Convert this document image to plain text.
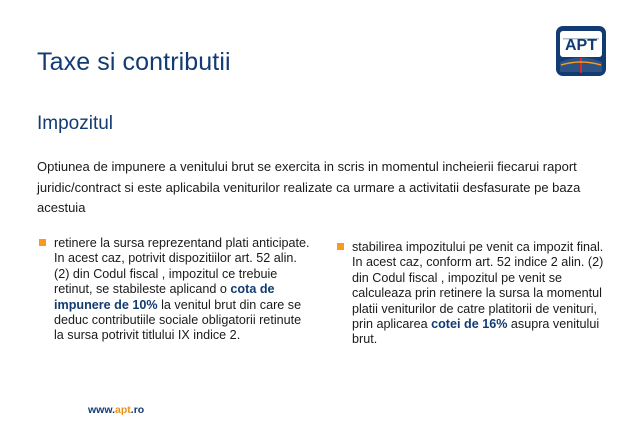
Taxe si contributii
APT
Impozitul
Optiunea de impunere a venitului brut se exercita in scris in momentul incheierii fiecarui raport juridic/contract si este aplicabila veniturilor realizate ca urmare a activitatii desfasurate pe baza acestuia
retinere la sursa reprezentand plati anticipate. In acest caz, potrivit dispozitiilor art. 52 alin. (2) din Codul fiscal , impozitul ce trebuie retinut, se stabileste aplicand o cota de impunere de 10% la venitul brut din care se deduc contributiile sociale obligatorii retinute la sursa potrivit titlului IX indice 2.
stabilirea impozitului pe venit ca impozit final. In acest caz, conform art. 52 indice 2 alin. (2) din Codul fiscal , impozitul pe venit se calculeaza prin retinere la sursa la momentul platii veniturilor de catre platitorii de venituri, prin aplicarea cotei de 16% asupra venitului brut.
www.apt.ro
